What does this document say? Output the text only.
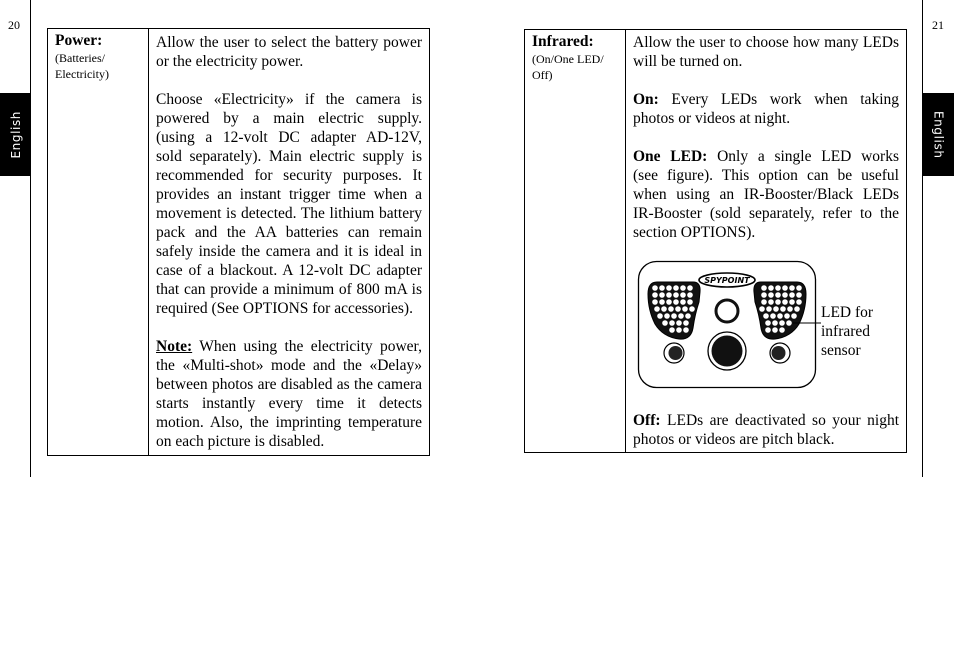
20
English
Power:
(Batteries/
Electricity)
Allow the user to select the battery power
or the electricity power.
Choose «Electricity» if the camera is
powered by a main electric supply.
(using a 12-volt DC adapter AD-12V,
sold separately). Main electric supply is
recommended for security purposes. It
provides an instant trigger time when a
movement is detected. The lithium battery
pack and the AA batteries can remain
safely inside the camera and it is ideal in
case of a blackout. A 12-volt DC adapter
that can provide a minimum of 800 mA is
required (See OPTIONS for accessories).
Note: When using the electricity power,
the «Multi-shot» mode and the «Delay»
between photos are disabled as the camera
starts instantly every time it detects
motion. Also, the imprinting temperature
on each picture is disabled.
21
English
Infrared:
(On/One LED/
Off)
Allow the user to choose how many LEDs
will be turned on.
On: Every LEDs work when taking
photos or videos at night.
One LED: Only a single LED works
(see figure). This option can be useful
when using an IR-Booster/Black LEDs
IR-Booster (sold separately, refer to the
section OPTIONS).
SPYPOINT
LED for
infrared
sensor
Off: LEDs are deactivated so your night
photos or videos are pitch black.
